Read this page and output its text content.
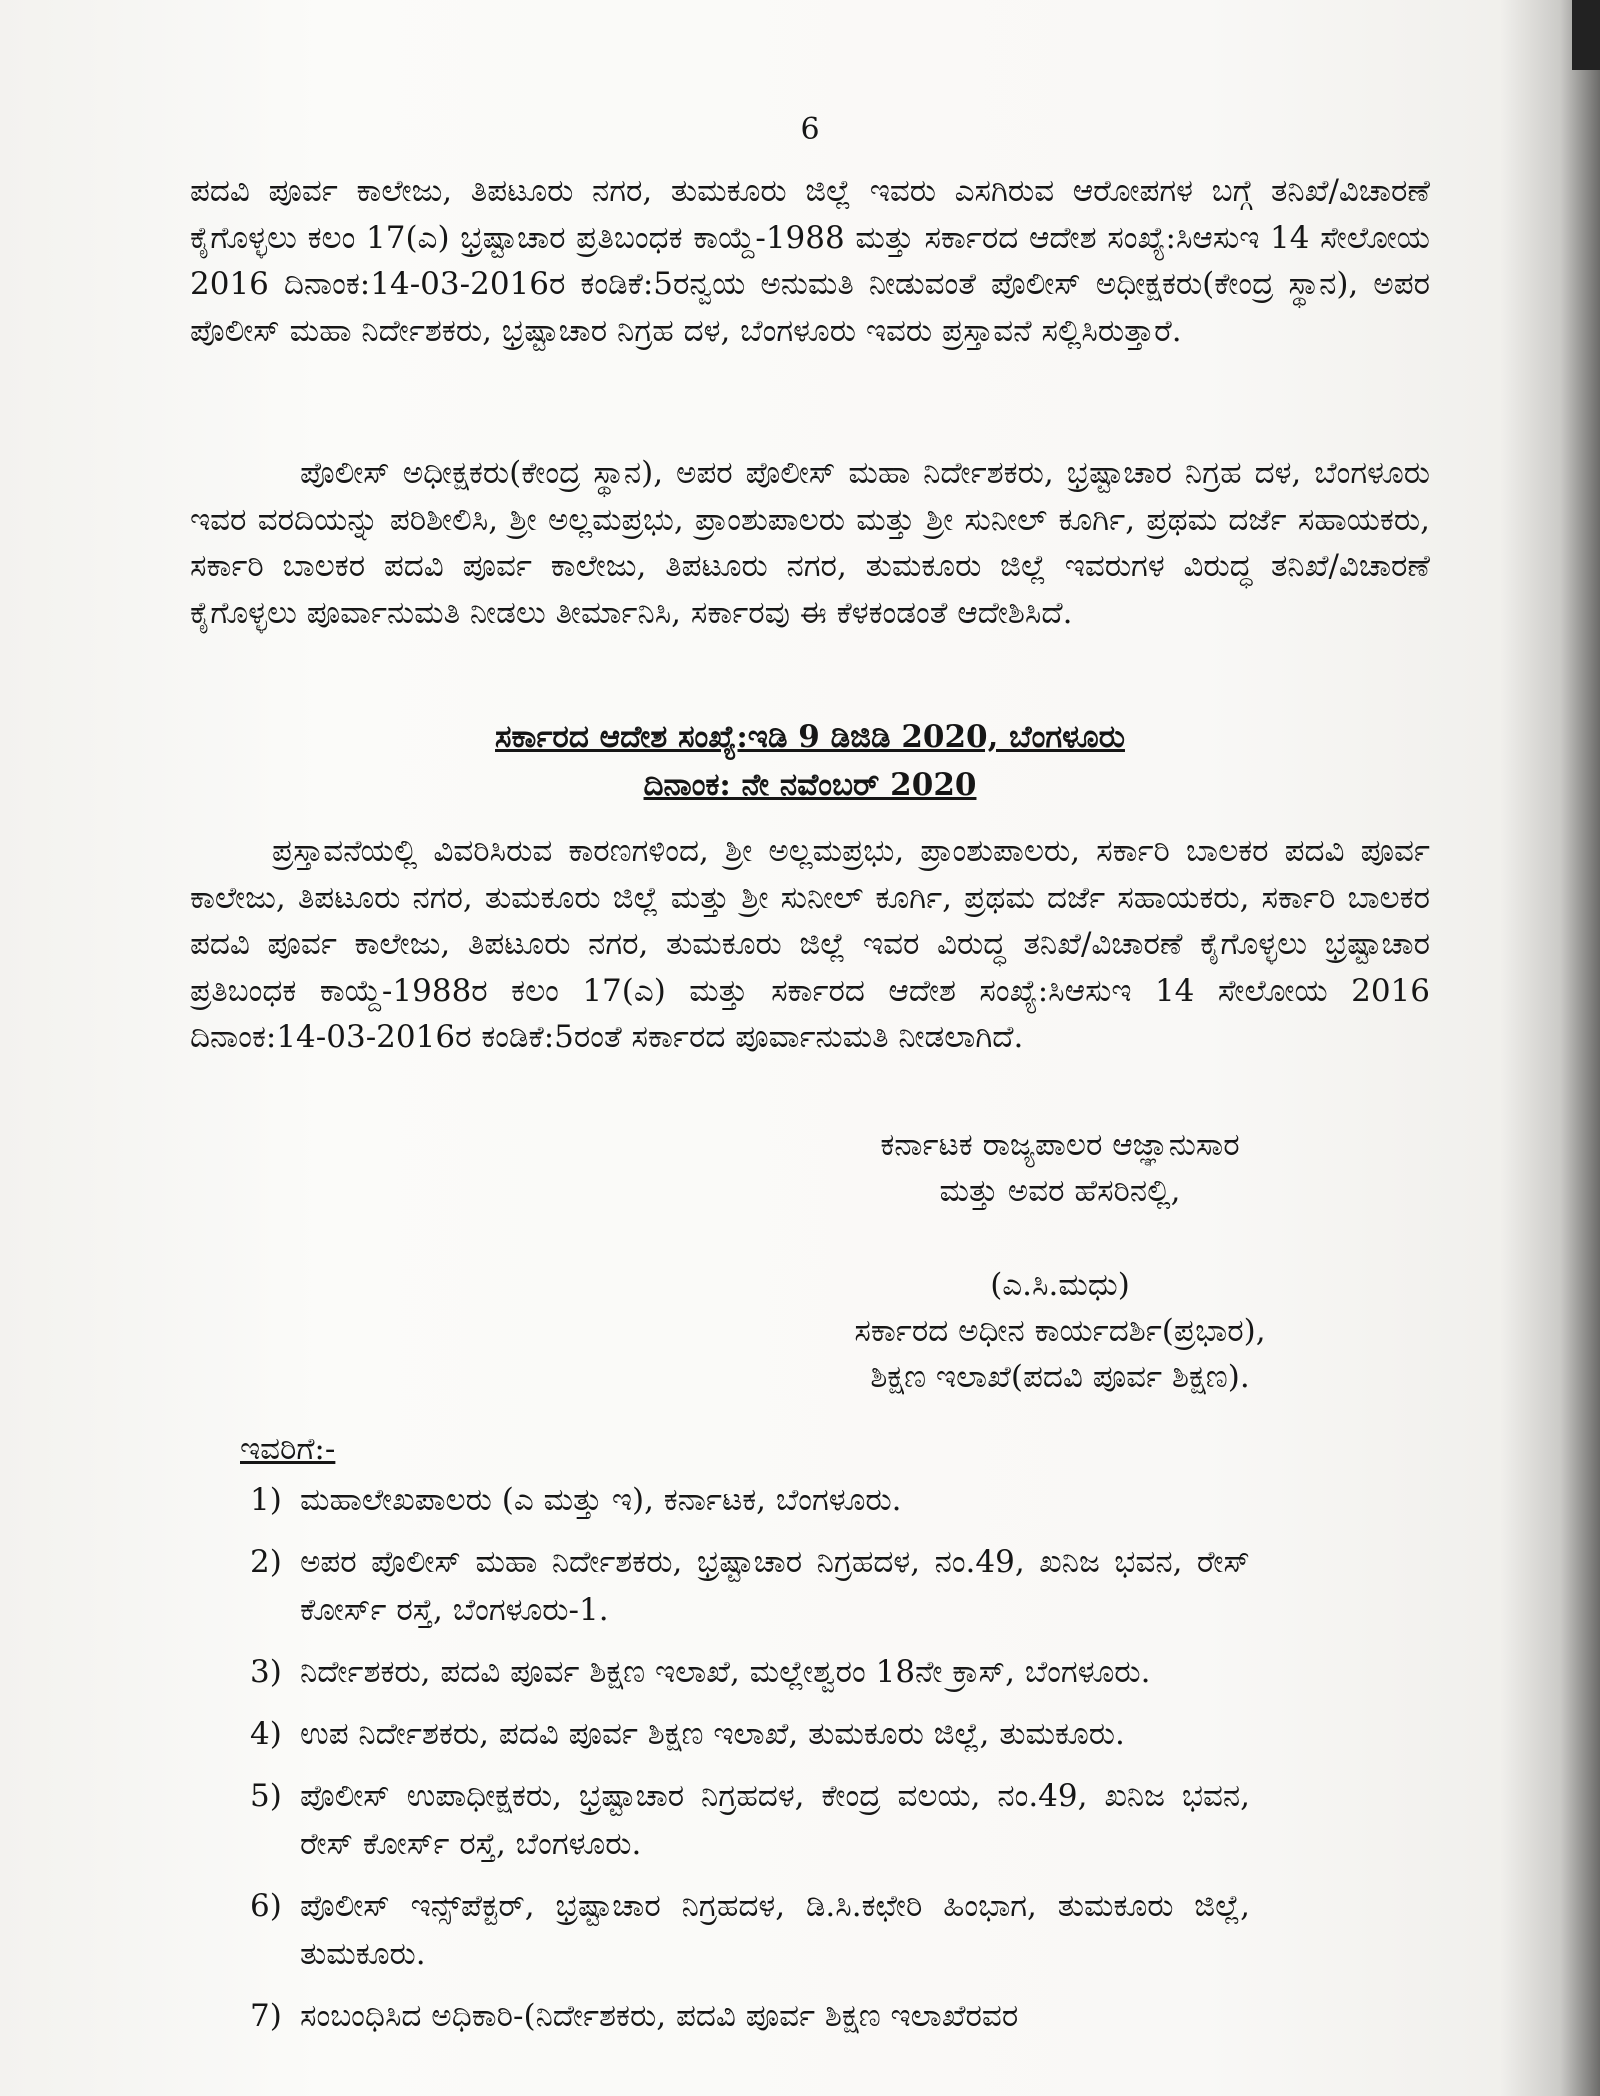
6
ಪದವಿ ಪೂರ್ವ ಕಾಲೇಜು, ತಿಪಟೂರು ನಗರ, ತುಮಕೂರು ಜಿಲ್ಲೆ ಇವರು ಎಸಗಿರುವ ಆರೋಪಗಳ ಬಗ್ಗೆ ತನಿಖೆ/ವಿಚಾರಣೆ ಕೈಗೊಳ್ಳಲು ಕಲಂ 17(ಎ) ಭ್ರಷ್ಟಾಚಾರ ಪ್ರತಿಬಂಧಕ ಕಾಯ್ದೆ-1988 ಮತ್ತು ಸರ್ಕಾರದ ಆದೇಶ ಸಂಖ್ಯೆ:ಸಿಆಸುಇ 14 ಸೇಲೋಯ 2016 ದಿನಾಂಕ:14-03-2016ರ ಕಂಡಿಕೆ:5ರನ್ವಯ ಅನುಮತಿ ನೀಡುವಂತೆ ಪೊಲೀಸ್ ಅಧೀಕ್ಷಕರು(ಕೇಂದ್ರ ಸ್ಥಾನ), ಅಪರ ಪೊಲೀಸ್ ಮಹಾ ನಿರ್ದೇಶಕರು, ಭ್ರಷ್ಟಾಚಾರ ನಿಗ್ರಹ ದಳ, ಬೆಂಗಳೂರು ಇವರು ಪ್ರಸ್ತಾವನೆ ಸಲ್ಲಿಸಿರುತ್ತಾರೆ.
ಪೊಲೀಸ್ ಅಧೀಕ್ಷಕರು(ಕೇಂದ್ರ ಸ್ಥಾನ), ಅಪರ ಪೊಲೀಸ್ ಮಹಾ ನಿರ್ದೇಶಕರು, ಭ್ರಷ್ಟಾಚಾರ ನಿಗ್ರಹ ದಳ, ಬೆಂಗಳೂರು ಇವರ ವರದಿಯನ್ನು ಪರಿಶೀಲಿಸಿ, ಶ್ರೀ ಅಲ್ಲಮಪ್ರಭು, ಪ್ರಾಂಶುಪಾಲರು ಮತ್ತು ಶ್ರೀ ಸುನೀಲ್ ಕೂರ್ಗಿ, ಪ್ರಥಮ ದರ್ಜೆ ಸಹಾಯಕರು, ಸರ್ಕಾರಿ ಬಾಲಕರ ಪದವಿ ಪೂರ್ವ ಕಾಲೇಜು, ತಿಪಟೂರು ನಗರ, ತುಮಕೂರು ಜಿಲ್ಲೆ ಇವರುಗಳ ವಿರುದ್ಧ ತನಿಖೆ/ವಿಚಾರಣೆ ಕೈಗೊಳ್ಳಲು ಪೂರ್ವಾನುಮತಿ ನೀಡಲು ತೀರ್ಮಾನಿಸಿ, ಸರ್ಕಾರವು ಈ ಕೆಳಕಂಡಂತೆ ಆದೇಶಿಸಿದೆ.
ಸರ್ಕಾರದ ಆದೇಶ ಸಂಖ್ಯೆ:ಇಡಿ 9 ಡಿಜಿಡಿ 2020, ಬೆಂಗಳೂರು
ದಿನಾಂಕ: ನೇ ನವೆಂಬರ್ 2020
ಪ್ರಸ್ತಾವನೆಯಲ್ಲಿ ವಿವರಿಸಿರುವ ಕಾರಣಗಳಿಂದ, ಶ್ರೀ ಅಲ್ಲಮಪ್ರಭು, ಪ್ರಾಂಶುಪಾಲರು, ಸರ್ಕಾರಿ ಬಾಲಕರ ಪದವಿ ಪೂರ್ವ ಕಾಲೇಜು, ತಿಪಟೂರು ನಗರ, ತುಮಕೂರು ಜಿಲ್ಲೆ ಮತ್ತು ಶ್ರೀ ಸುನೀಲ್ ಕೂರ್ಗಿ, ಪ್ರಥಮ ದರ್ಜೆ ಸಹಾಯಕರು, ಸರ್ಕಾರಿ ಬಾಲಕರ ಪದವಿ ಪೂರ್ವ ಕಾಲೇಜು, ತಿಪಟೂರು ನಗರ, ತುಮಕೂರು ಜಿಲ್ಲೆ ಇವರ ವಿರುದ್ಧ ತನಿಖೆ/ವಿಚಾರಣೆ ಕೈಗೊಳ್ಳಲು ಭ್ರಷ್ಟಾಚಾರ ಪ್ರತಿಬಂಧಕ ಕಾಯ್ದೆ-1988ರ ಕಲಂ 17(ಎ) ಮತ್ತು ಸರ್ಕಾರದ ಆದೇಶ ಸಂಖ್ಯೆ:ಸಿಆಸುಇ 14 ಸೇಲೋಯ 2016 ದಿನಾಂಕ:14-03-2016ರ ಕಂಡಿಕೆ:5ರಂತೆ ಸರ್ಕಾರದ ಪೂರ್ವಾನುಮತಿ ನೀಡಲಾಗಿದೆ.
ಕರ್ನಾಟಕ ರಾಜ್ಯಪಾಲರ ಆಜ್ಞಾನುಸಾರ
ಮತ್ತು ಅವರ ಹೆಸರಿನಲ್ಲಿ,
(ಎ.ಸಿ.ಮಧು)
ಸರ್ಕಾರದ ಅಧೀನ ಕಾರ್ಯದರ್ಶಿ(ಪ್ರಭಾರ),
ಶಿಕ್ಷಣ ಇಲಾಖೆ(ಪದವಿ ಪೂರ್ವ ಶಿಕ್ಷಣ).
ಇವರಿಗೆ:-
1) ಮಹಾಲೇಖಪಾಲರು (ಎ ಮತ್ತು ಇ), ಕರ್ನಾಟಕ, ಬೆಂಗಳೂರು.
2) ಅಪರ ಪೊಲೀಸ್ ಮಹಾ ನಿರ್ದೇಶಕರು, ಭ್ರಷ್ಟಾಚಾರ ನಿಗ್ರಹದಳ, ನಂ.49, ಖನಿಜ ಭವನ, ರೇಸ್ ಕೋರ್ಸ್ ರಸ್ತೆ, ಬೆಂಗಳೂರು-1.
3) ನಿರ್ದೇಶಕರು, ಪದವಿ ಪೂರ್ವ ಶಿಕ್ಷಣ ಇಲಾಖೆ, ಮಲ್ಲೇಶ್ವರಂ 18ನೇ ಕ್ರಾಸ್, ಬೆಂಗಳೂರು.
4) ಉಪ ನಿರ್ದೇಶಕರು, ಪದವಿ ಪೂರ್ವ ಶಿಕ್ಷಣ ಇಲಾಖೆ, ತುಮಕೂರು ಜಿಲ್ಲೆ, ತುಮಕೂರು.
5) ಪೊಲೀಸ್ ಉಪಾಧೀಕ್ಷಕರು, ಭ್ರಷ್ಟಾಚಾರ ನಿಗ್ರಹದಳ, ಕೇಂದ್ರ ವಲಯ, ನಂ.49, ಖನಿಜ ಭವನ, ರೇಸ್ ಕೋರ್ಸ್ ರಸ್ತೆ, ಬೆಂಗಳೂರು.
6) ಪೊಲೀಸ್ ಇನ್ಸ್‌ಪೆಕ್ಟರ್, ಭ್ರಷ್ಟಾಚಾರ ನಿಗ್ರಹದಳ, ಡಿ.ಸಿ.ಕಛೇರಿ ಹಿಂಭಾಗ, ತುಮಕೂರು ಜಿಲ್ಲೆ, ತುಮಕೂರು.
7) ಸಂಬಂಧಿಸಿದ ಅಧಿಕಾರಿ-(ನಿರ್ದೇಶಕರು, ಪದವಿ ಪೂರ್ವ ಶಿಕ್ಷಣ ಇಲಾಖೆರವರ
